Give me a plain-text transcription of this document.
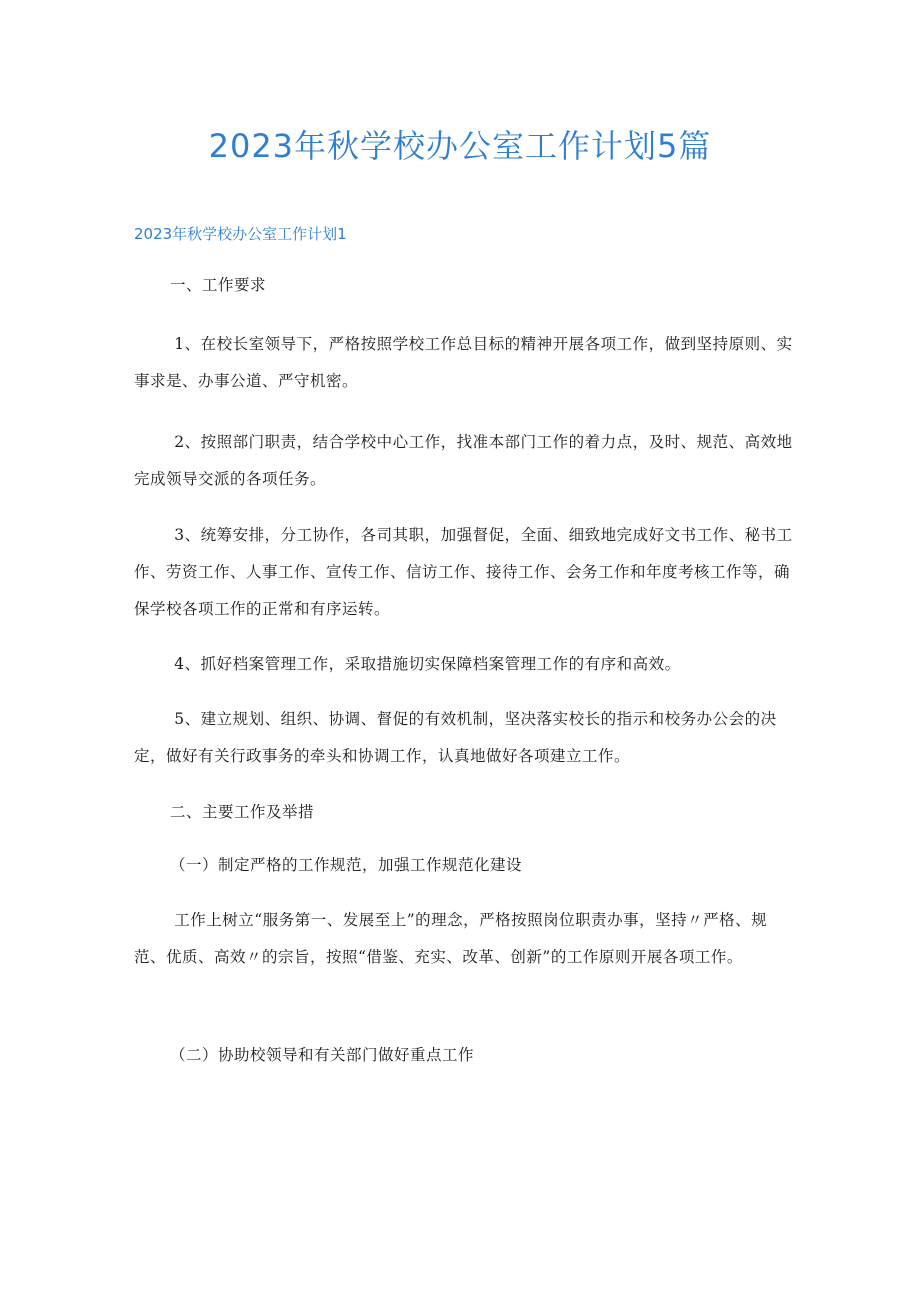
2023年秋学校办公室工作计划5篇
2023年秋学校办公室工作计划1
一、工作要求

1、在校长室领导下，严格按照学校工作总目标的精神开展各项工作，做到坚持原则、实事求是、办事公道、严守机密。

2、按照部门职责，结合学校中心工作，找准本部门工作的着力点，及时、规范、高效地完成领导交派的各项任务。

3、统筹安排，分工协作，各司其职，加强督促，全面、细致地完成好文书工作、秘书工作、劳资工作、人事工作、宣传工作、信访工作、接待工作、会务工作和年度考核工作等，确保学校各项工作的正常和有序运转。

4、抓好档案管理工作，采取措施切实保障档案管理工作的有序和高效。

5、建立规划、组织、协调、督促的有效机制，坚决落实校长的指示和校务办公会的决定，做好有关行政事务的牵头和协调工作，认真地做好各项建立工作。

二、主要工作及举措
（一）制定严格的工作规范，加强工作规范化建设

工作上树立“服务第一、发展至上”的理念，严格按照岗位职责办事，坚持〃严格、规范、优质、高效〃的宗旨，按照“借鉴、充实、改革、创新”的工作原则开展各项工作。

（二）协助校领导和有关部门做好重点工作
